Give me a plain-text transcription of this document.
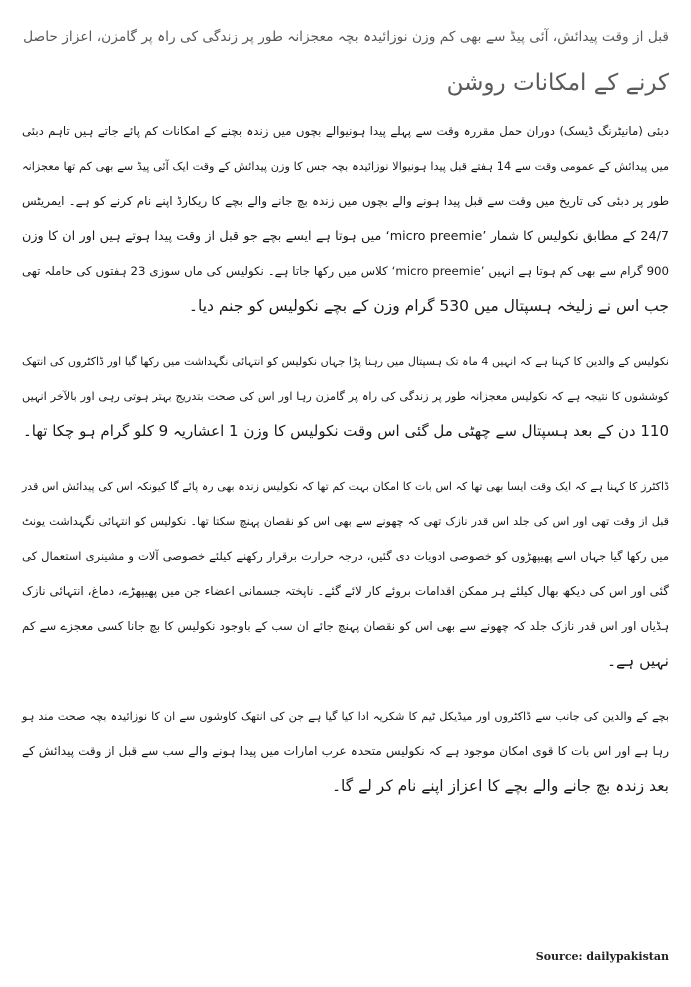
قبل از وقت پیدائش، آئی پیڈ سے بھی کم وزن نوزائیدہ بچہ معجزانہ طور پر زندگی کی راہ پر گامزن، اعزاز حاصل
کرنے کے امکانات روشن

دبئی (مانیٹرنگ ڈیسک) دوران حمل مقررہ وقت سے پہلے پیدا ہونیوالے بچوں میں زندہ بچنے کے امکانات کم پائے جاتے ہیں تاہم دبئی
میں پیدائش کے عمومی وقت سے 14 ہفتے قبل پیدا ہونیوالا نوزائیدہ بچہ جس کا وزن پیدائش کے وقت ایک آئی پیڈ سے بھی کم تھا معجزانہ
طور پر دبئی کی تاریخ میں وقت سے قبل پیدا ہونے والے بچوں میں زندہ بچ جانے والے بچے کا ریکارڈ اپنے نام کرنے کو ہے۔ ایمریٹس
24/7 کے مطابق نکولیس کا شمار ’micro preemie‘ میں ہوتا ہے ایسے بچے جو قبل از وقت پیدا ہوتے ہیں اور ان کا وزن
900 گرام سے بھی کم ہوتا ہے انہیں ’micro preemie‘ کلاس میں رکھا جاتا ہے۔ نکولیس کی ماں سوزی 23 ہفتوں کی حاملہ تھی
جب اس نے زلیخہ ہسپتال میں 530 گرام وزن کے بچے نکولیس کو جنم دیا۔

نکولیس کے والدین کا کہنا ہے کہ انہیں 4 ماہ تک ہسپتال میں رہنا پڑا جہاں نکولیس کو انتہائی نگہداشت میں رکھا گیا اور ڈاکٹروں کی انتھک
کوششوں کا نتیجہ ہے کہ نکولیس معجزانہ طور پر زندگی کی راہ پر گامزن رہا اور اس کی صحت بتدریج بہتر ہوتی رہی اور بالآخر انہیں
110 دن کے بعد ہسپتال سے چھٹی مل گئی اس وقت نکولیس کا وزن 1 اعشاریہ 9 کلو گرام ہو چکا تھا۔

ڈاکٹرز کا کہنا ہے کہ ایک وقت ایسا بھی تھا کہ اس بات کا امکان بہت کم تھا کہ نکولیس زندہ بھی رہ پائے گا کیونکہ اس کی پیدائش اس قدر
قبل از وقت تھی اور اس کی جلد اس قدر نازک تھی کہ چھونے سے بھی اس کو نقصان پہنچ سکتا تھا۔ نکولیس کو انتہائی نگہداشت یونٹ
میں رکھا گیا جہاں اسے پھیپھڑوں کو خصوصی ادویات دی گئیں، درجہ حرارت برقرار رکھنے کیلئے خصوصی آلات و مشینری استعمال کی
گئی اور اس کی دیکھ بھال کیلئے ہر ممکن اقدامات بروئے کار لائے گئے۔ ناپختہ جسمانی اعضاء جن میں پھیپھڑے، دماغ، انتہائی نازک
ہڈیاں اور اس قدر نازک جلد کہ چھونے سے بھی اس کو نقصان پہنچ جائے ان سب کے باوجود نکولیس کا بچ جانا کسی معجزے سے کم
نہیں ہے۔

بچے کے والدین کی جانب سے ڈاکٹروں اور میڈیکل ٹیم کا شکریہ ادا کیا گیا ہے جن کی انتھک کاوشوں سے ان کا نوزائیدہ بچہ صحت مند ہو
رہا ہے اور اس بات کا قوی امکان موجود ہے کہ نکولیس متحدہ عرب امارات میں پیدا ہونے والے سب سے قبل از وقت پیدائش کے
بعد زندہ بچ جانے والے بچے کا اعزاز اپنے نام کر لے گا۔

Source: dailypakistan
